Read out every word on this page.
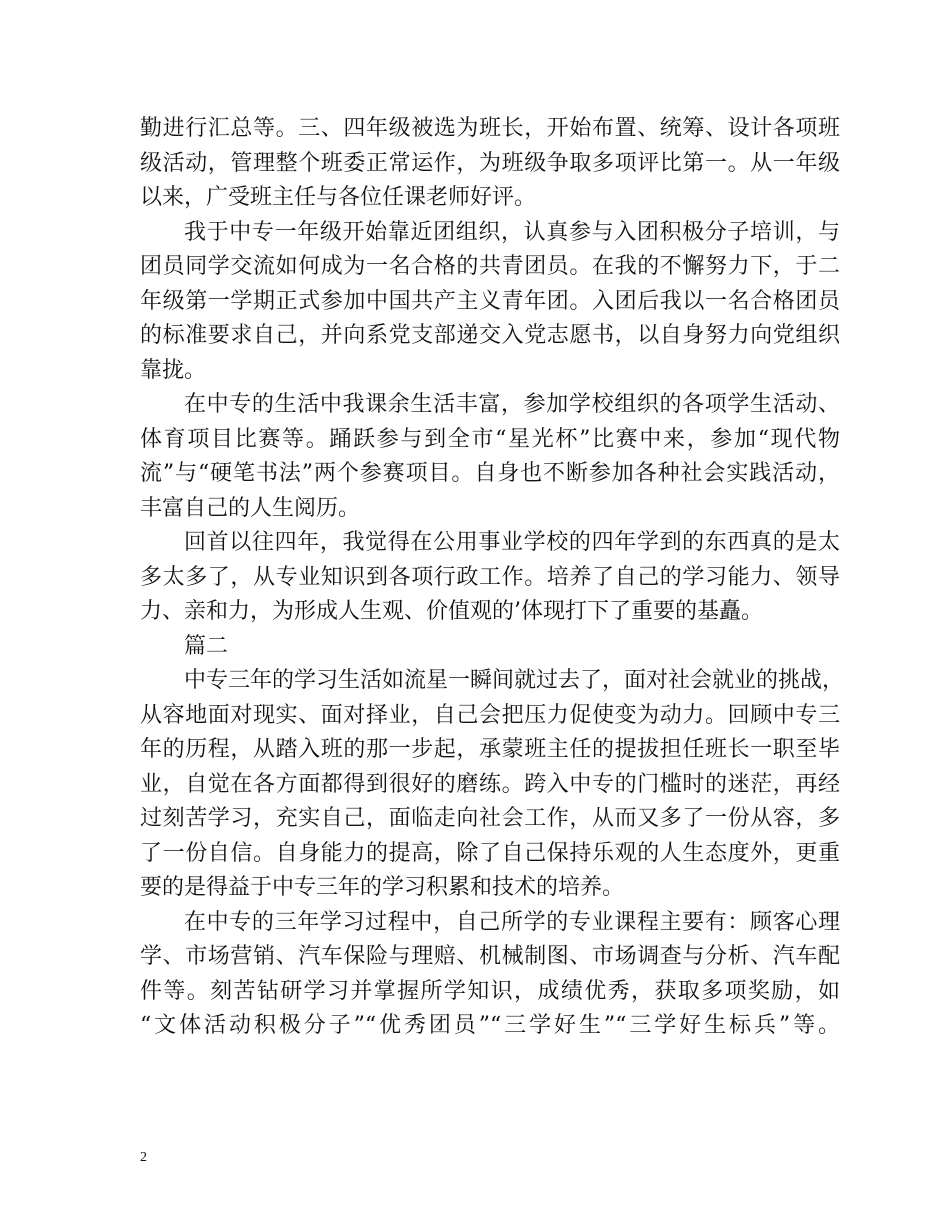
勤进行汇总等。三、四年级被选为班长，开始布置、统筹、设计各项班
级活动，管理整个班委正常运作，为班级争取多项评比第一。从一年级
以来，广受班主任与各位任课老师好评。
我于中专一年级开始靠近团组织，认真参与入团积极分子培训，与
团员同学交流如何成为一名合格的共青团员。在我的不懈努力下，于二
年级第一学期正式参加中国共产主义青年团。入团后我以一名合格团员
的标准要求自己，并向系党支部递交入党志愿书，以自身努力向党组织
靠拢。
在中专的生活中我课余生活丰富，参加学校组织的各项学生活动、
体育项目比赛等。踊跃参与到全市“星光杯”比赛中来，参加“现代物
流”与“硬笔书法”两个参赛项目。自身也不断参加各种社会实践活动，
丰富自己的人生阅历。
回首以往四年，我觉得在公用事业学校的四年学到的东西真的是太
多太多了，从专业知识到各项行政工作。培养了自己的学习能力、领导
力、亲和力，为形成人生观、价值观的’体现打下了重要的基矗。
篇二
中专三年的学习生活如流星一瞬间就过去了，面对社会就业的挑战，
从容地面对现实、面对择业，自己会把压力促使变为动力。回顾中专三
年的历程，从踏入班的那一步起，承蒙班主任的提拔担任班长一职至毕
业，自觉在各方面都得到很好的磨练。跨入中专的门槛时的迷茫，再经
过刻苦学习，充实自己，面临走向社会工作，从而又多了一份从容，多
了一份自信。自身能力的提高，除了自己保持乐观的人生态度外，更重
要的是得益于中专三年的学习积累和技术的培养。
在中专的三年学习过程中，自己所学的专业课程主要有：顾客心理
学、市场营销、汽车保险与理赔、机械制图、市场调查与分析、汽车配
件等。刻苦钻研学习并掌握所学知识，成绩优秀，获取多项奖励，如
“文体活动积极分子”“优秀团员”“三学好生”“三学好生标兵”等。
2
